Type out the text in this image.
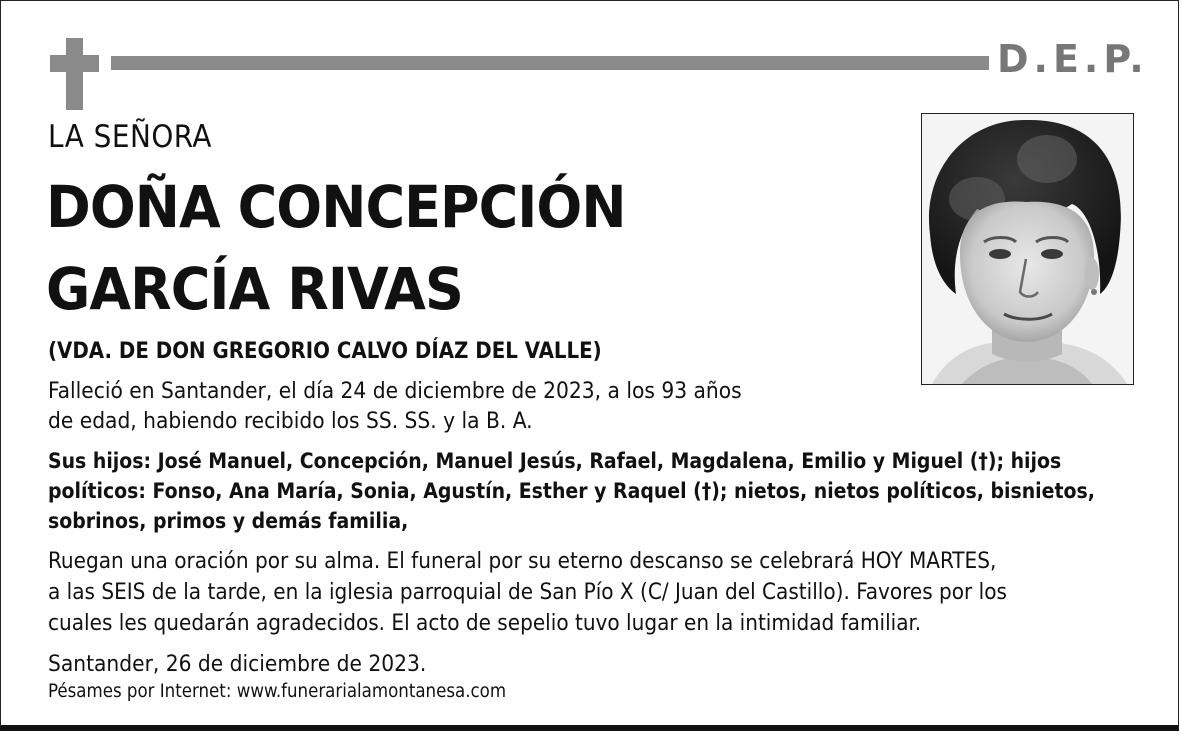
D.E.P.
LA SEÑORA
DOÑA CONCEPCIÓN
GARCÍA RIVAS
(VDA. DE DON GREGORIO CALVO DÍAZ DEL VALLE)
Falleció en Santander, el día 24 de diciembre de 2023, a los 93 años
de edad, habiendo recibido los SS. SS. y la B. A.
Sus hijos: José Manuel, Concepción, Manuel Jesús, Rafael, Magdalena, Emilio y Miguel (†); hijos
políticos: Fonso, Ana María, Sonia, Agustín, Esther y Raquel (†); nietos, nietos políticos, bisnietos,
sobrinos, primos y demás familia,
Ruegan una oración por su alma. El funeral por su eterno descanso se celebrará HOY MARTES,
a las SEIS de la tarde, en la iglesia parroquial de San Pío X (C/ Juan del Castillo). Favores por los
cuales les quedarán agradecidos. El acto de sepelio tuvo lugar en la intimidad familiar.
Santander, 26 de diciembre de 2023.
Pésames por Internet: www.funerarialamontanesa.com
